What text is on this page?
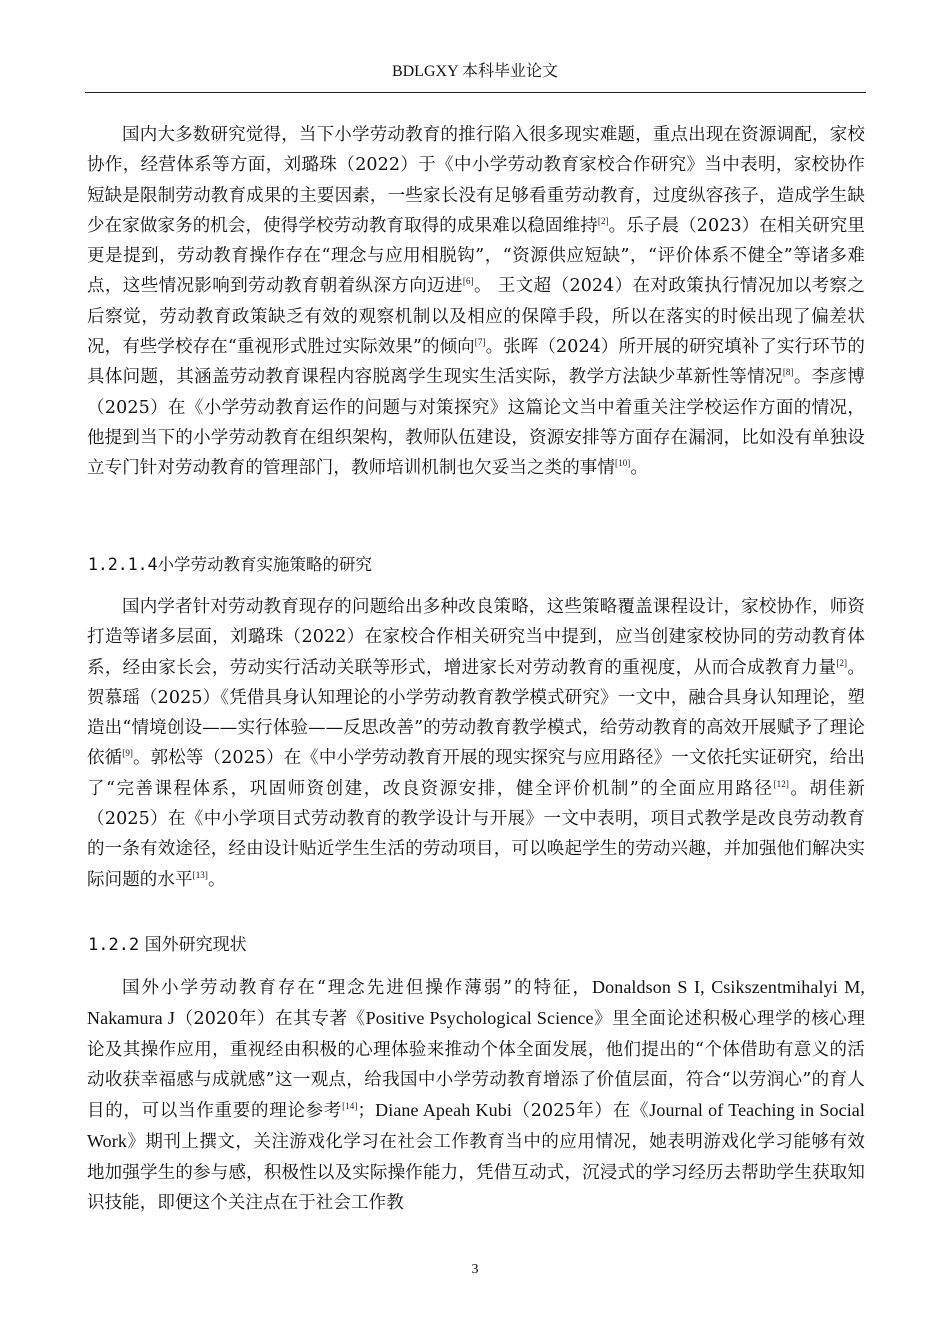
BDLGXY 本科毕业论文
国内大多数研究觉得，当下小学劳动教育的推行陷入很多现实难题，重点出现在资源调配，家校协作，经营体系等方面，刘璐珠（2022）于《中小学劳动教育家校合作研究》当中表明，家校协作短缺是限制劳动教育成果的主要因素，一些家长没有足够看重劳动教育，过度纵容孩子，造成学生缺少在家做家务的机会，使得学校劳动教育取得的成果难以稳固维持[2]。乐子晨（2023）在相关研究里更是提到，劳动教育操作存在“理念与应用相脱钩”，“资源供应短缺”，“评价体系不健全”等诸多难点，这些情况影响到劳动教育朝着纵深方向迈进[6]。 王文超（2024）在对政策执行情况加以考察之后察觉，劳动教育政策缺乏有效的观察机制以及相应的保障手段，所以在落实的时候出现了偏差状况，有些学校存在“重视形式胜过实际效果”的倾向[7]。张晖（2024）所开展的研究填补了实行环节的具体问题，其涵盖劳动教育课程内容脱离学生现实生活实际，教学方法缺少革新性等情况[8]。李彦博（2025）在《小学劳动教育运作的问题与对策探究》这篇论文当中着重关注学校运作方面的情况，他提到当下的小学劳动教育在组织架构，教师队伍建设，资源安排等方面存在漏洞，比如没有单独设立专门针对劳动教育的管理部门，教师培训机制也欠妥当之类的事情[10]。
1.2.1.4小学劳动教育实施策略的研究
国内学者针对劳动教育现存的问题给出多种改良策略，这些策略覆盖课程设计，家校协作，师资打造等诸多层面，刘璐珠（2022）在家校合作相关研究当中提到，应当创建家校协同的劳动教育体系，经由家长会，劳动实行活动关联等形式，增进家长对劳动教育的重视度，从而合成教育力量[2]。贺慕瑶（2025）《凭借具身认知理论的小学劳动教育教学模式研究》一文中，融合具身认知理论，塑造出“情境创设——实行体验——反思改善”的劳动教育教学模式，给劳动教育的高效开展赋予了理论依循[9]。郭松等（2025）在《中小学劳动教育开展的现实探究与应用路径》一文依托实证研究，给出了“完善课程体系，巩固师资创建，改良资源安排，健全评价机制”的全面应用路径[12]。胡佳新（2025）在《中小学项目式劳动教育的教学设计与开展》一文中表明，项目式教学是改良劳动教育的一条有效途径，经由设计贴近学生生活的劳动项目，可以唤起学生的劳动兴趣，并加强他们解决实际问题的水平[13]。
1.2.2 国外研究现状
国外小学劳动教育存在“理念先进但操作薄弱”的特征，Donaldson S I, Csikszentmihalyi M, Nakamura J（2020年）在其专著《Positive Psychological Science》里全面论述积极心理学的核心理论及其操作应用，重视经由积极的心理体验来推动个体全面发展，他们提出的“个体借助有意义的活动收获幸福感与成就感”这一观点，给我国中小学劳动教育增添了价值层面，符合“以劳润心”的育人目的，可以当作重要的理论参考[14]；Diane Apeah Kubi（2025年）在《Journal of Teaching in Social Work》期刊上撰文，关注游戏化学习在社会工作教育当中的应用情况，她表明游戏化学习能够有效地加强学生的参与感，积极性以及实际操作能力，凭借互动式，沉浸式的学习经历去帮助学生获取知识技能，即便这个关注点在于社会工作教
3
